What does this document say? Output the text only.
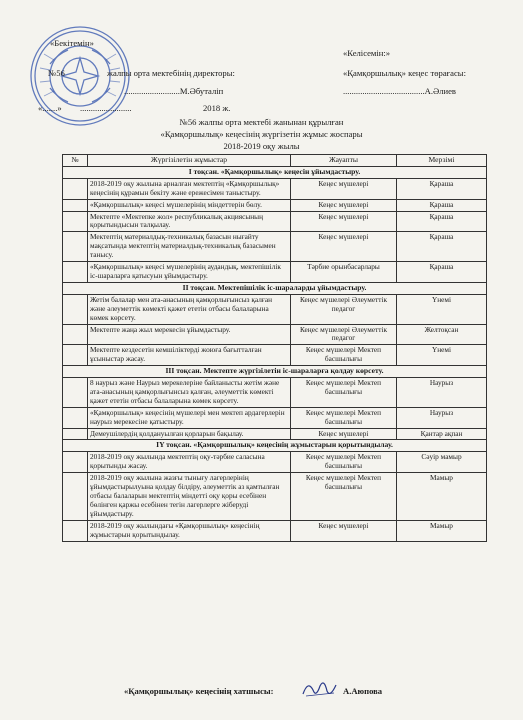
«Бекітемін»
№56	жалпы орта мектебінің директоры:
..........................М.Әбуталіп
«.......» ........................	2018 ж.
«Келісемін:»
«Қамқоршылық» кеңес төрағасы:
......................................А.Әлиев
№56 жалпы орта мектебі жанынан құрылған
«Қамқоршылық» кеңесінің жүргізетін жұмыс жоспары
2018-2019 оқу жылы
№	Жүргізілетін жұмыстар	Жауапты	Мерзімі
I тоқсан. «Қамқоршылық» кеңесін ұйымдастыру.			
	2018-2019 оқу жылына арналған мектептің «Қамқоршылық» кеңесінің құрамын бекіту және ережесімен таныстыру.	Кеңес мүшелері	Қараша
	«Қамқоршылық» кеңесі мүшелерінің міндеттерін бөлу.	Кеңес мүшелері	Қараша
	Мектепте «Мектепке жол» республикалық акциясының қорытындысын талқылау.	Кеңес мүшелері	Қараша
	Мектептің материалдық-техникалық базасын нығайту мақсатында мектептің материалдық-техникалық базасымен танысу.	Кеңес мүшелері	Қараша
	«Қамқоршылық» кеңесі мүшелерінің аудандық, мектепішілік іс-шараларға қатысуын ұйымдастыру.	Тәрбие орынбасарлары	Қараша
II тоқсан. Мектепішілік іс-шараларды ұйымдастыру.			
	Жетім балалар мен ата-анасының қамқорлығынсыз қалған және әлеуметтік көмекті қажет ететін отбасы балаларына көмек көрсету.	Кеңес мүшелері Әлеуметтік педагог	Үнемі
	Мектепте жаңа жыл мерекесін ұйымдастыру.	Кеңес мүшелері Әлеуметтік педагог	Желтоқсан
	Мектепте кездесетін кемшіліктерді жоюға бағытталған ұсыныстар жасау.	Кеңес мүшелері Мектеп басшылығы	Үнемі
III тоқсан. Мектепте жүргізілетін іс-шараларға қолдау көрсету.			
	8 наурыз және Наурыз мерекелеріне байланысты жетім және ата-анасының қамқорлығынсыз қалған, әлеуметтік көмекті қажет ететін отбасы балаларына көмек көрсету.	Кеңес мүшелері Мектеп басшылығы	Наурыз
	«Қамқоршылық» кеңесінің мүшелері мен мектеп ардагерлерін наурыз мерекесіне қатыстыру.	Кеңес мүшелері Мектеп басшылығы	Наурыз
	Демеушілердің қолдануылған қорларын бақылау.	Кеңес мүшелері	Қантар ақпан
IY тоқсан. «Қамқоршылық» кеңесінің жұмыстарын қорытындылау.			
	2018-2019 оқу жылында мектептің оқу-тәрбие саласына қорытынды жасау.	Кеңес мүшелері Мектеп басшылығы	Сәуір мамыр
	2018-2019 оқу жылына жазғы тынығу лагерлерінің ұйымдастырылуына қолдау білдіру, әлеуметтік аз қамтылған отбасы балаларын мектептің міндетті оқу қоры есебінен бөлінген қаржы есебінен тегін лагерлерге жіберуді ұйымдастыру.	Кеңес мүшелері Мектеп басшылығы	Мамыр
	2018-2019 оқу жылындағы «Қамқоршылық» кеңесінің жұмыстарын қорытындылау.	Кеңес мүшелері	Мамыр
«Қамқоршылық» кеңесінің хатшысы:	А.Аюпова
